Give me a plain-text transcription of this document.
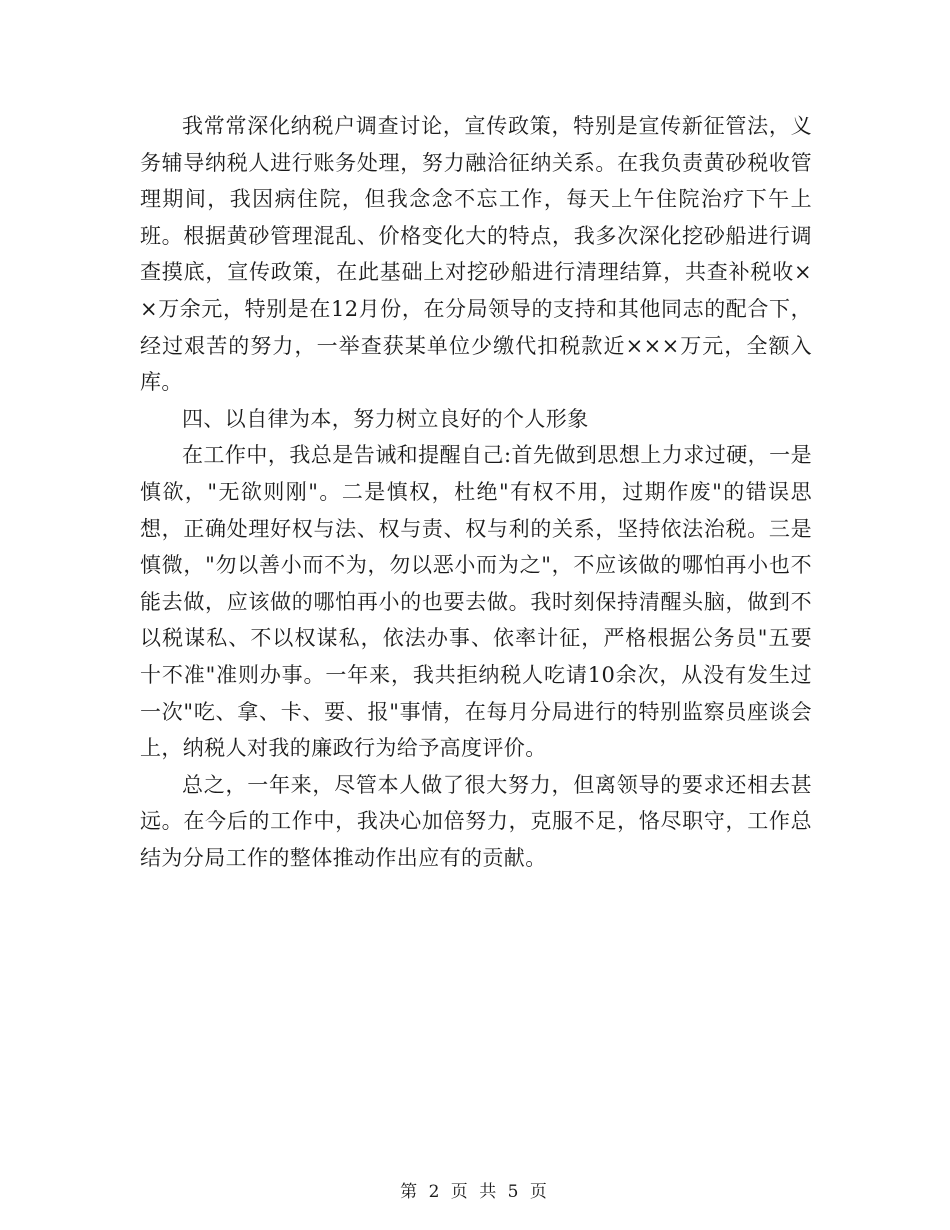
我常常深化纳税户调查讨论，宣传政策，特别是宣传新征管法，义务辅导纳税人进行账务处理，努力融洽征纳关系。在我负责黄砂税收管理期间，我因病住院，但我念念不忘工作，每天上午住院治疗下午上班。根据黄砂管理混乱、价格变化大的特点，我多次深化挖砂船进行调查摸底，宣传政策，在此基础上对挖砂船进行清理结算，共查补税收××万余元，特别是在12月份，在分局领导的支持和其他同志的配合下，经过艰苦的努力，一举查获某单位少缴代扣税款近×××万元，全额入库。

四、以自律为本，努力树立良好的个人形象

在工作中，我总是告诫和提醒自己:首先做到思想上力求过硬，一是慎欲，"无欲则刚"。二是慎权，杜绝"有权不用，过期作废"的错误思想，正确处理好权与法、权与责、权与利的关系，坚持依法治税。三是慎微，"勿以善小而不为，勿以恶小而为之"，不应该做的哪怕再小也不能去做，应该做的哪怕再小的也要去做。我时刻保持清醒头脑，做到不以税谋私、不以权谋私，依法办事、依率计征，严格根据公务员"五要十不准"准则办事。一年来，我共拒纳税人吃请10余次，从没有发生过一次"吃、拿、卡、要、报"事情，在每月分局进行的特别监察员座谈会上，纳税人对我的廉政行为给予高度评价。

总之，一年来，尽管本人做了很大努力，但离领导的要求还相去甚远。在今后的工作中，我决心加倍努力，克服不足，恪尽职守，工作总结为分局工作的整体推动作出应有的贡献。

第 2 页 共 5 页
